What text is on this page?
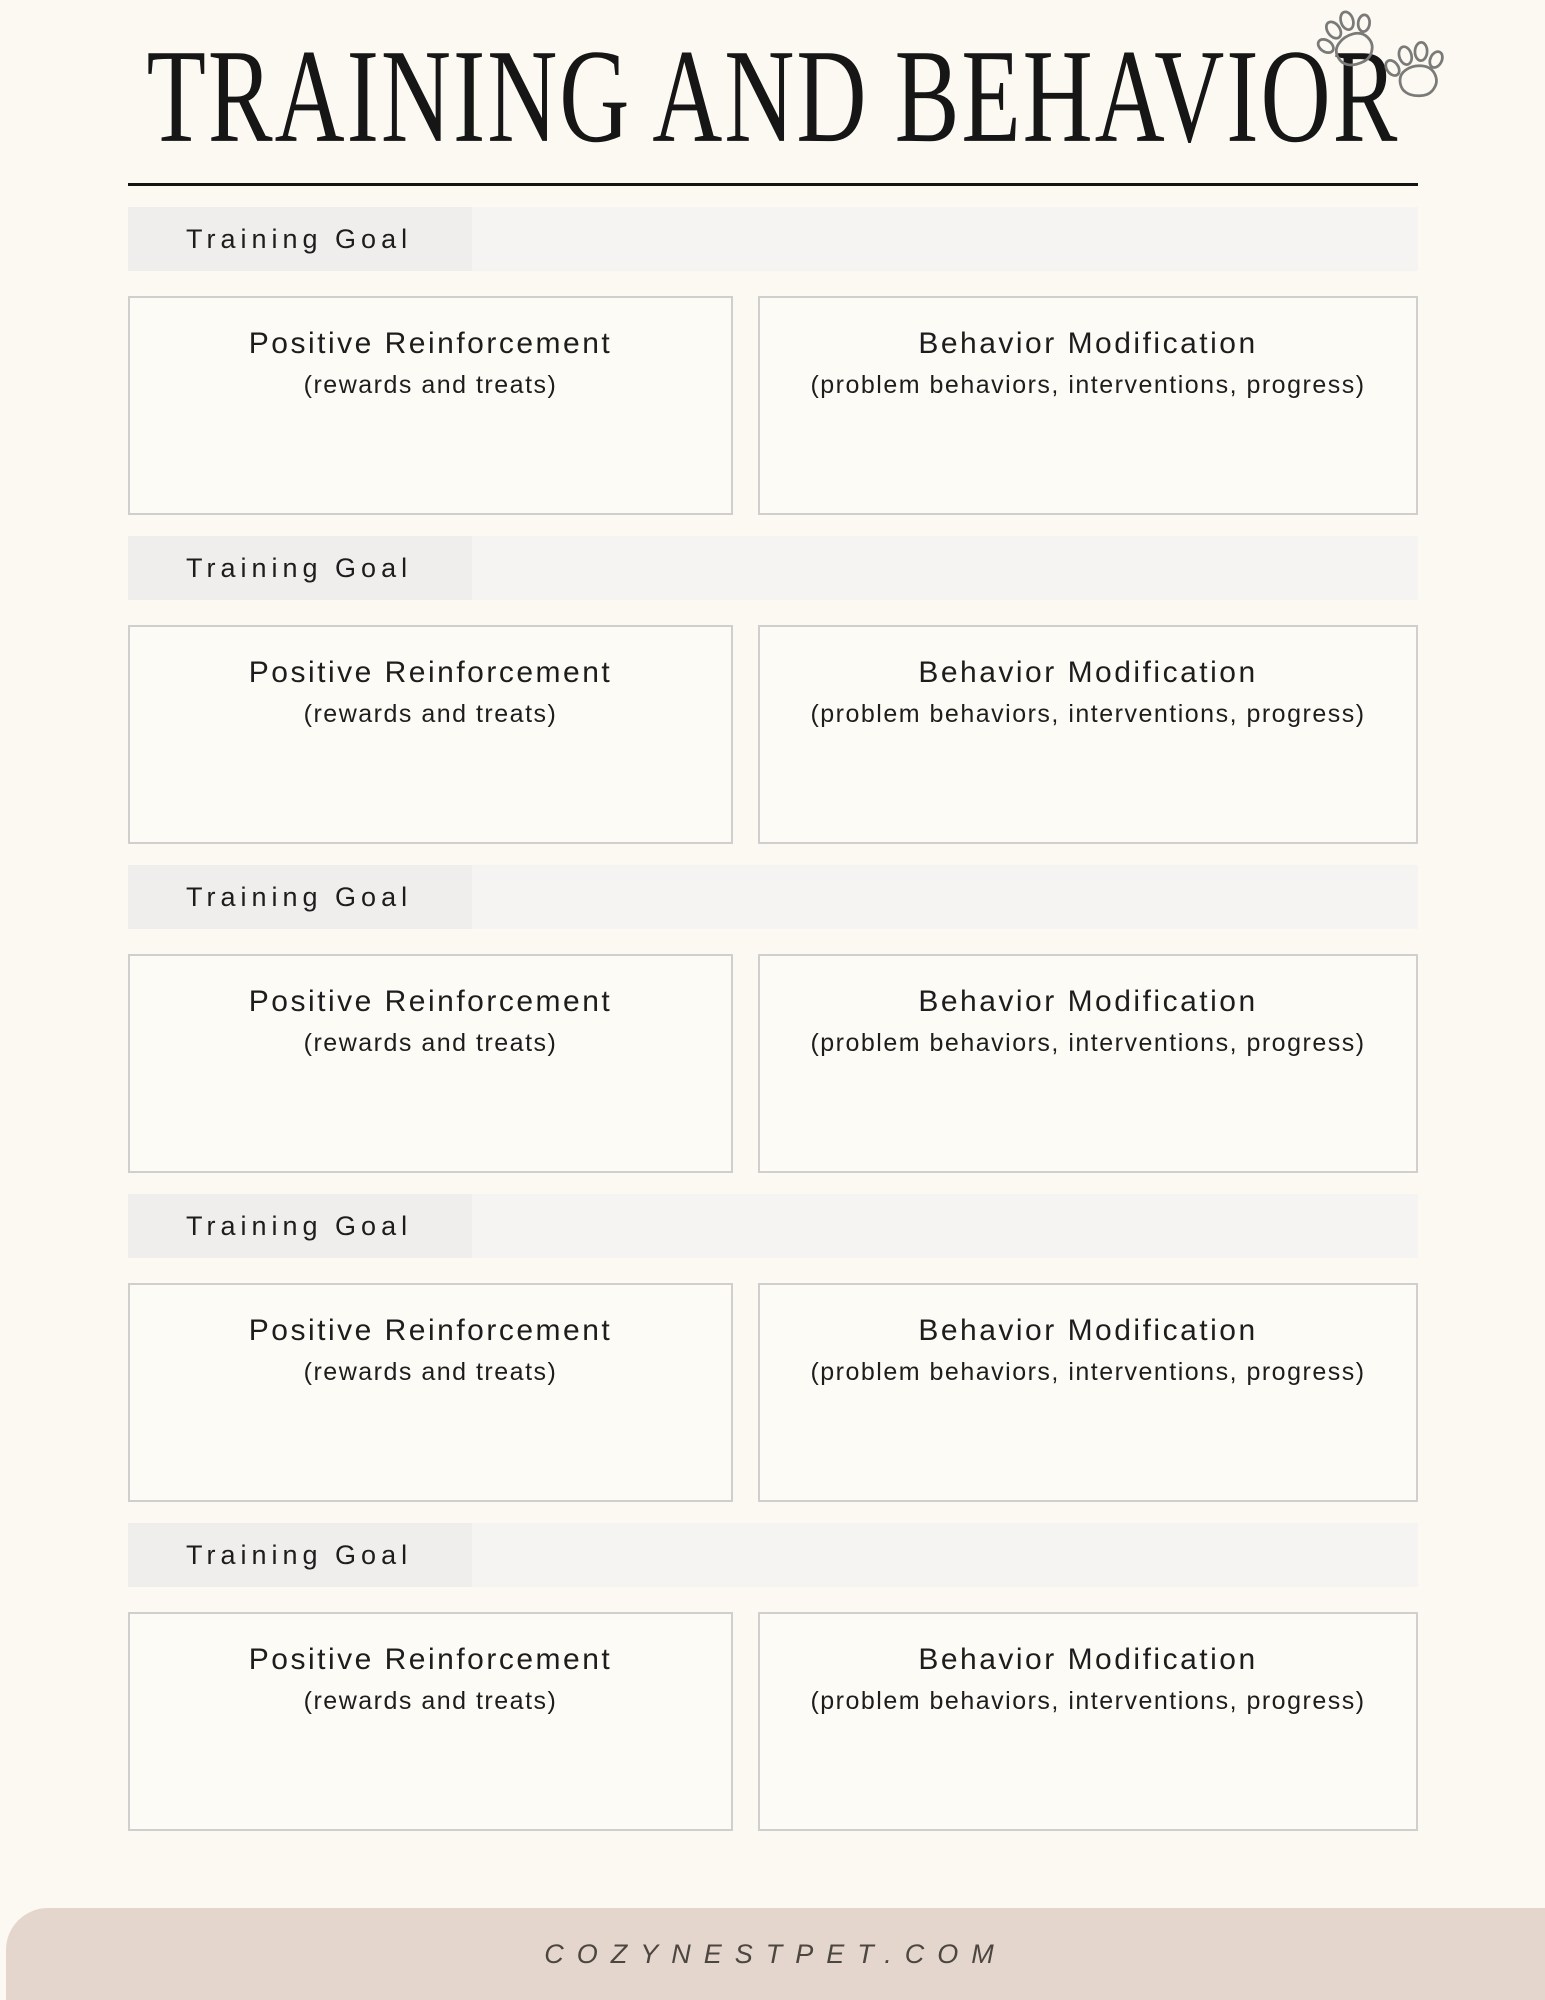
TRAINING AND BEHAVIOR
Training Goal
Positive Reinforcement
(rewards and treats)
Behavior Modification
(problem behaviors, interventions, progress)
Training Goal
Positive Reinforcement
(rewards and treats)
Behavior Modification
(problem behaviors, interventions, progress)
Training Goal
Positive Reinforcement
(rewards and treats)
Behavior Modification
(problem behaviors, interventions, progress)
Training Goal
Positive Reinforcement
(rewards and treats)
Behavior Modification
(problem behaviors, interventions, progress)
Training Goal
Positive Reinforcement
(rewards and treats)
Behavior Modification
(problem behaviors, interventions, progress)
COZYNESTPET.COM
